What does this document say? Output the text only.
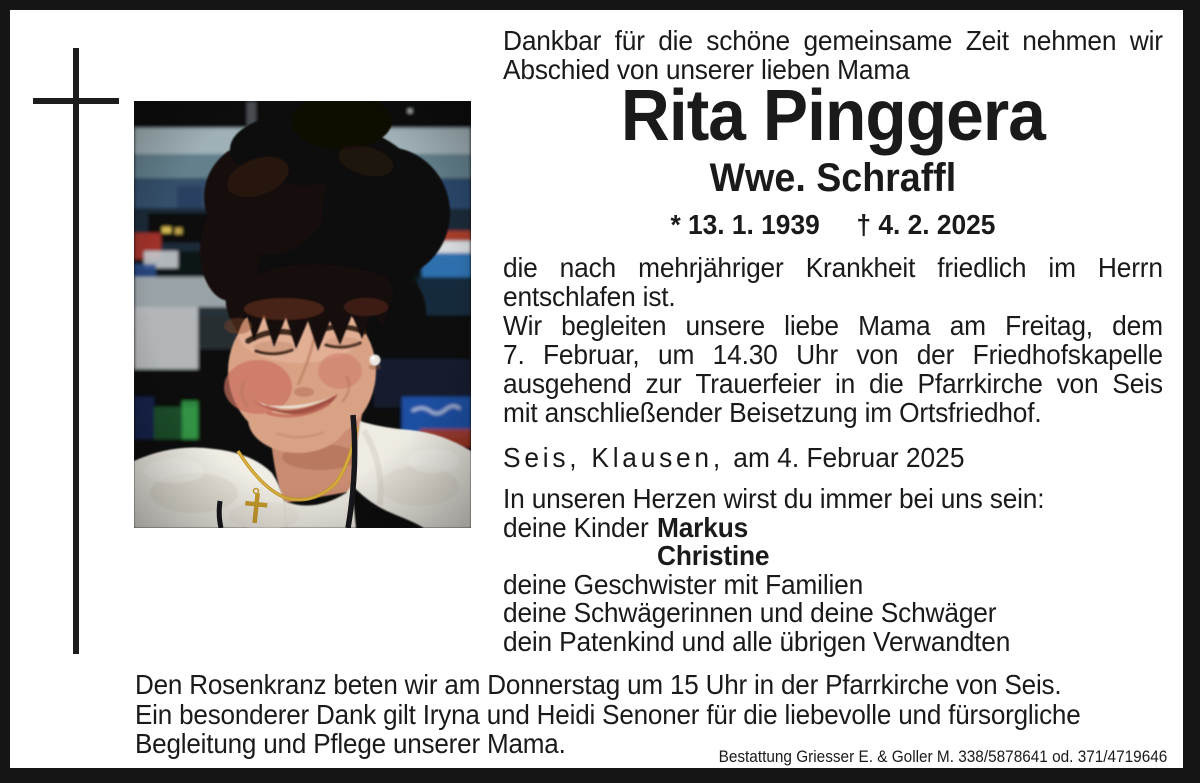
Dankbar für die schöne gemeinsame Zeit nehmen wir
Abschied von unserer lieben Mama
Rita Pinggera
Wwe. Schraffl
* 13. 1. 1939 † 4. 2. 2025
die nach mehrjähriger Krankheit friedlich im Herrn
entschlafen ist.
Wir begleiten unsere liebe Mama am Freitag, dem
7. Februar, um 14.30 Uhr von der Friedhofskapelle
ausgehend zur Trauerfeier in die Pfarrkirche von Seis
mit anschließender Beisetzung im Ortsfriedhof.
Seis, Klausen, am 4. Februar 2025
In unseren Herzen wirst du immer bei uns sein:
deine Kinder Markus
Christine
deine Geschwister mit Familien
deine Schwägerinnen und deine Schwäger
dein Patenkind und alle übrigen Verwandten
Den Rosenkranz beten wir am Donnerstag um 15 Uhr in der Pfarrkirche von Seis.
Ein besonderer Dank gilt Iryna und Heidi Senoner für die liebevolle und fürsorgliche
Begleitung und Pflege unserer Mama.	Bestattung Griesser E. & Goller M. 338/5878641 od. 371/4719646
